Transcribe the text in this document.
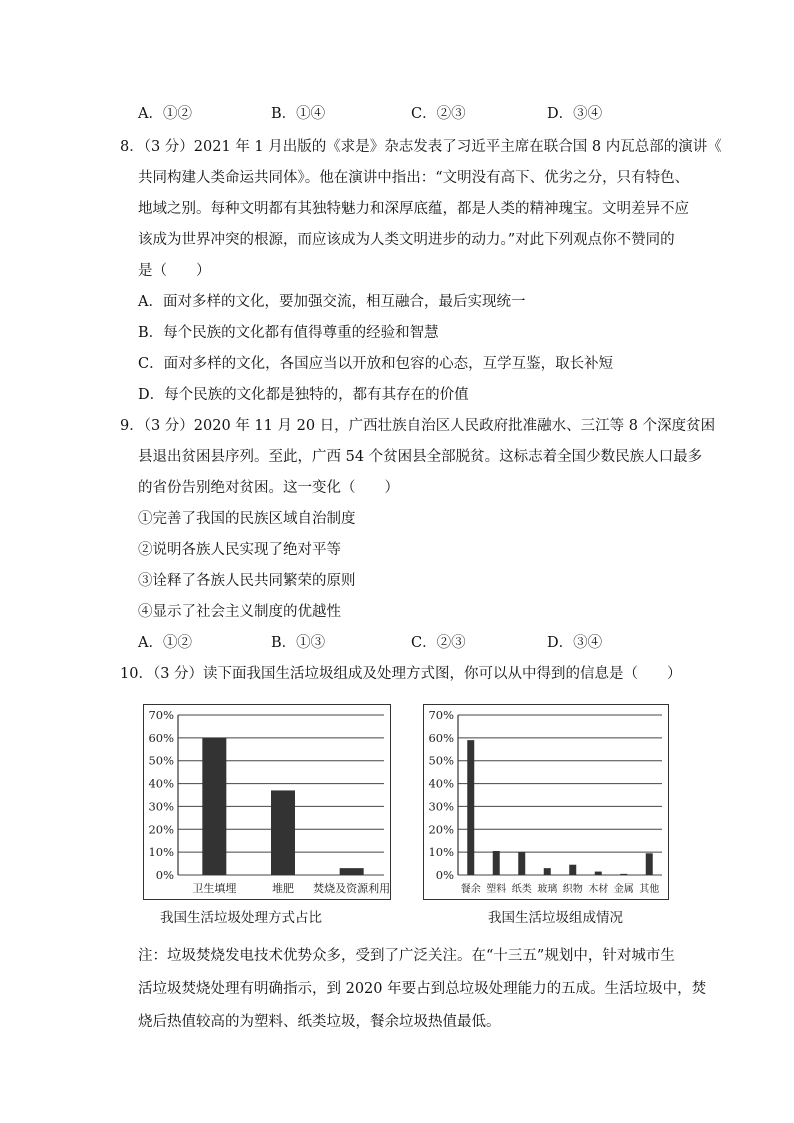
A．①②	B．①④	C．②③	D．③④
8．（3 分）2021 年 1 月出版的《求是》杂志发表了习近平主席在联合国 8 内瓦总部的演讲《
共同构建人类命运共同体》。他在演讲中指出：“文明没有高下、优劣之分，只有特色、
地域之别。每种文明都有其独特魅力和深厚底蕴，都是人类的精神瑰宝。文明差异不应
该成为世界冲突的根源，而应该成为人类文明进步的动力。”对此下列观点你不赞同的
是（　　）
A．面对多样的文化，要加强交流，相互融合，最后实现统一
B．每个民族的文化都有值得尊重的经验和智慧
C．面对多样的文化，各国应当以开放和包容的心态，互学互鉴，取长补短
D．每个民族的文化都是独特的，都有其存在的价值
9．（3 分）2020 年 11 月 20 日，广西壮族自治区人民政府批准融水、三江等 8 个深度贫困
县退出贫困县序列。至此，广西 54 个贫困县全部脱贫。这标志着全国少数民族人口最多
的省份告别绝对贫困。这一变化（　　）
①完善了我国的民族区域自治制度
②说明各族人民实现了绝对平等
③诠释了各族人民共同繁荣的原则
④显示了社会主义制度的优越性
A．①②	B．①③	C．②③	D．③④
10．（3 分）读下面我国生活垃圾组成及处理方式图，你可以从中得到的信息是（　　）
0%
10%
20%
30%
40%
50%
60%
70%
卫生填埋	堆肥 焚烧及资源利用
我国生活垃圾处理方式占比
0%
10%
20%
30%
40%
50%
60%
70%
餐余 塑料 纸类 玻璃 织物 木材 金属 其他
我国生活垃圾组成情况
注：垃圾焚烧发电技术优势众多，受到了广泛关注。在“十三五”规划中，针对城市生
活垃圾焚烧处理有明确指示，到 2020 年要占到总垃圾处理能力的五成。生活垃圾中，焚
烧后热值较高的为塑料、纸类垃圾，餐余垃圾热值最低。
